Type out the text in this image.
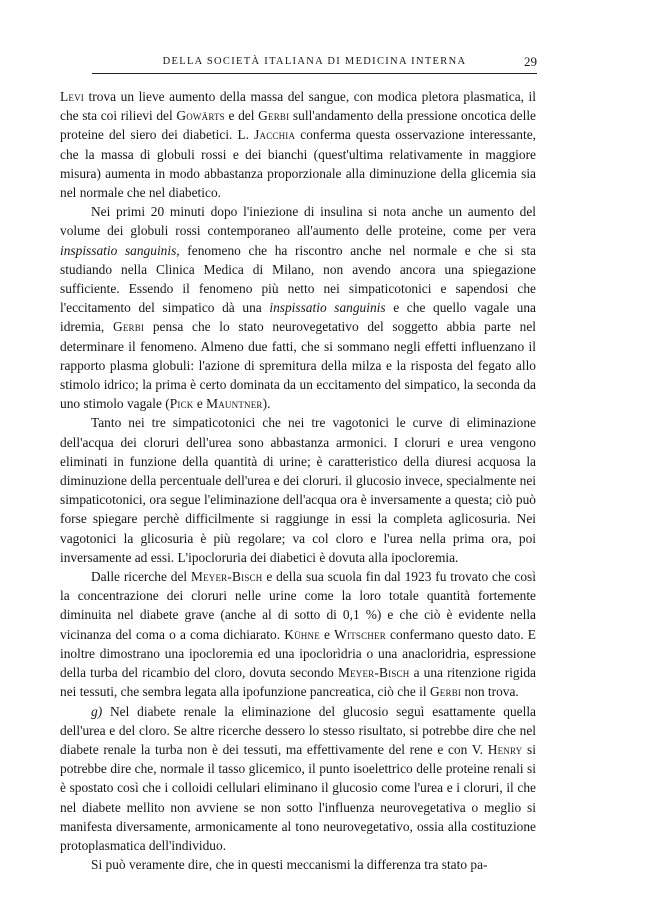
DELLA SOCIETÀ ITALIANA DI MEDICINA INTERNA	29

Levi trova un lieve aumento della massa del sangue, con modica pletora plasmatica, il che sta coi rilievi del Gowärts e del Gerbi sull'andamento della pressione oncotica delle proteine del siero dei diabetici. L. Jacchia conferma questa osservazione interessante, che la massa di globuli rossi e dei bianchi (quest'ultima relativamente in maggiore misura) aumenta in modo abbastanza proporzionale alla diminuzione della glicemia sia nel normale che nel diabetico.

Nei primi 20 minuti dopo l'iniezione di insulina si nota anche un aumento del volume dei globuli rossi contemporaneo all'aumento delle proteine, come per vera inspissatio sanguinis, fenomeno che ha riscontro anche nel normale e che si sta studiando nella Clinica Medica di Milano, non avendo ancora una spiegazione sufficiente. Essendo il fenomeno più netto nei simpaticotonici e sapendosi che l'eccitamento del simpatico dà una inspissatio sanguinis e che quello vagale una idremia, Gerbi pensa che lo stato neurovegetativo del soggetto abbia parte nel determinare il fenomeno. Almeno due fatti, che si sommano negli effetti influenzano il rapporto plasma globuli: l'azione di spremitura della milza e la risposta del fegato allo stimolo idrico; la prima è certo dominata da un eccitamento del simpatico, la seconda da uno stimolo vagale (Pick e Mauntner).

Tanto nei tre simpaticotonici che nei tre vagotonici le curve di eliminazione dell'acqua dei cloruri dell'urea sono abbastanza armonici. I cloruri e urea vengono eliminati in funzione della quantità di urine; è caratteristico della diuresi acquosa la diminuzione della percentuale dell'urea e dei cloruri. il glucosio invece, specialmente nei simpaticotonici, ora segue l'eliminazione dell'acqua ora è inversamente a questa; ciò può forse spiegare perchè difficilmente si raggiunge in essi la completa aglicosuria. Nei vagotonici la glicosuria è più regolare; va col cloro e l'urea nella prima ora, poi inversamente ad essi. L'ipocloruria dei diabetici è dovuta alla ipocloremia.

Dalle ricerche del Meyer-Bisch e della sua scuola fin dal 1923 fu trovato che così la concentrazione dei cloruri nelle urine come la loro totale quantità fortemente diminuita nel diabete grave (anche al di sotto di 0,1 %) e che ciò è evidente nella vicinanza del coma o a coma dichiarato. Kühne e Witscher confermano questo dato. E inoltre dimostrano una ipocloremia ed una ipoclorìdria o una anacloridria, espressione della turba del ricambio del cloro, dovuta secondo Meyer-Bisch a una ritenzione rigida nei tessuti, che sembra legata alla ipofunzione pancreatica, ciò che il Gerbi non trova.

g) Nel diabete renale la eliminazione del glucosio seguì esattamente quella dell'urea e del cloro. Se altre ricerche dessero lo stesso risultato, si potrebbe dire che nel diabete renale la turba non è dei tessuti, ma effettivamente del rene e con V. Henry si potrebbe dire che, normale il tasso glicemico, il punto isoelettrico delle proteine renali si è spostato così che i colloidi cellulari eliminano il glucosio come l'urea e i cloruri, il che nel diabete mellito non avviene se non sotto l'influenza neurovegetativa o meglio si manifesta diversamente, armonicamente al tono neurovegetativo, ossia alla costituzione protoplasmatica dell'individuo.

Si può veramente dire, che in questi meccanismi la differenza tra stato pa-
